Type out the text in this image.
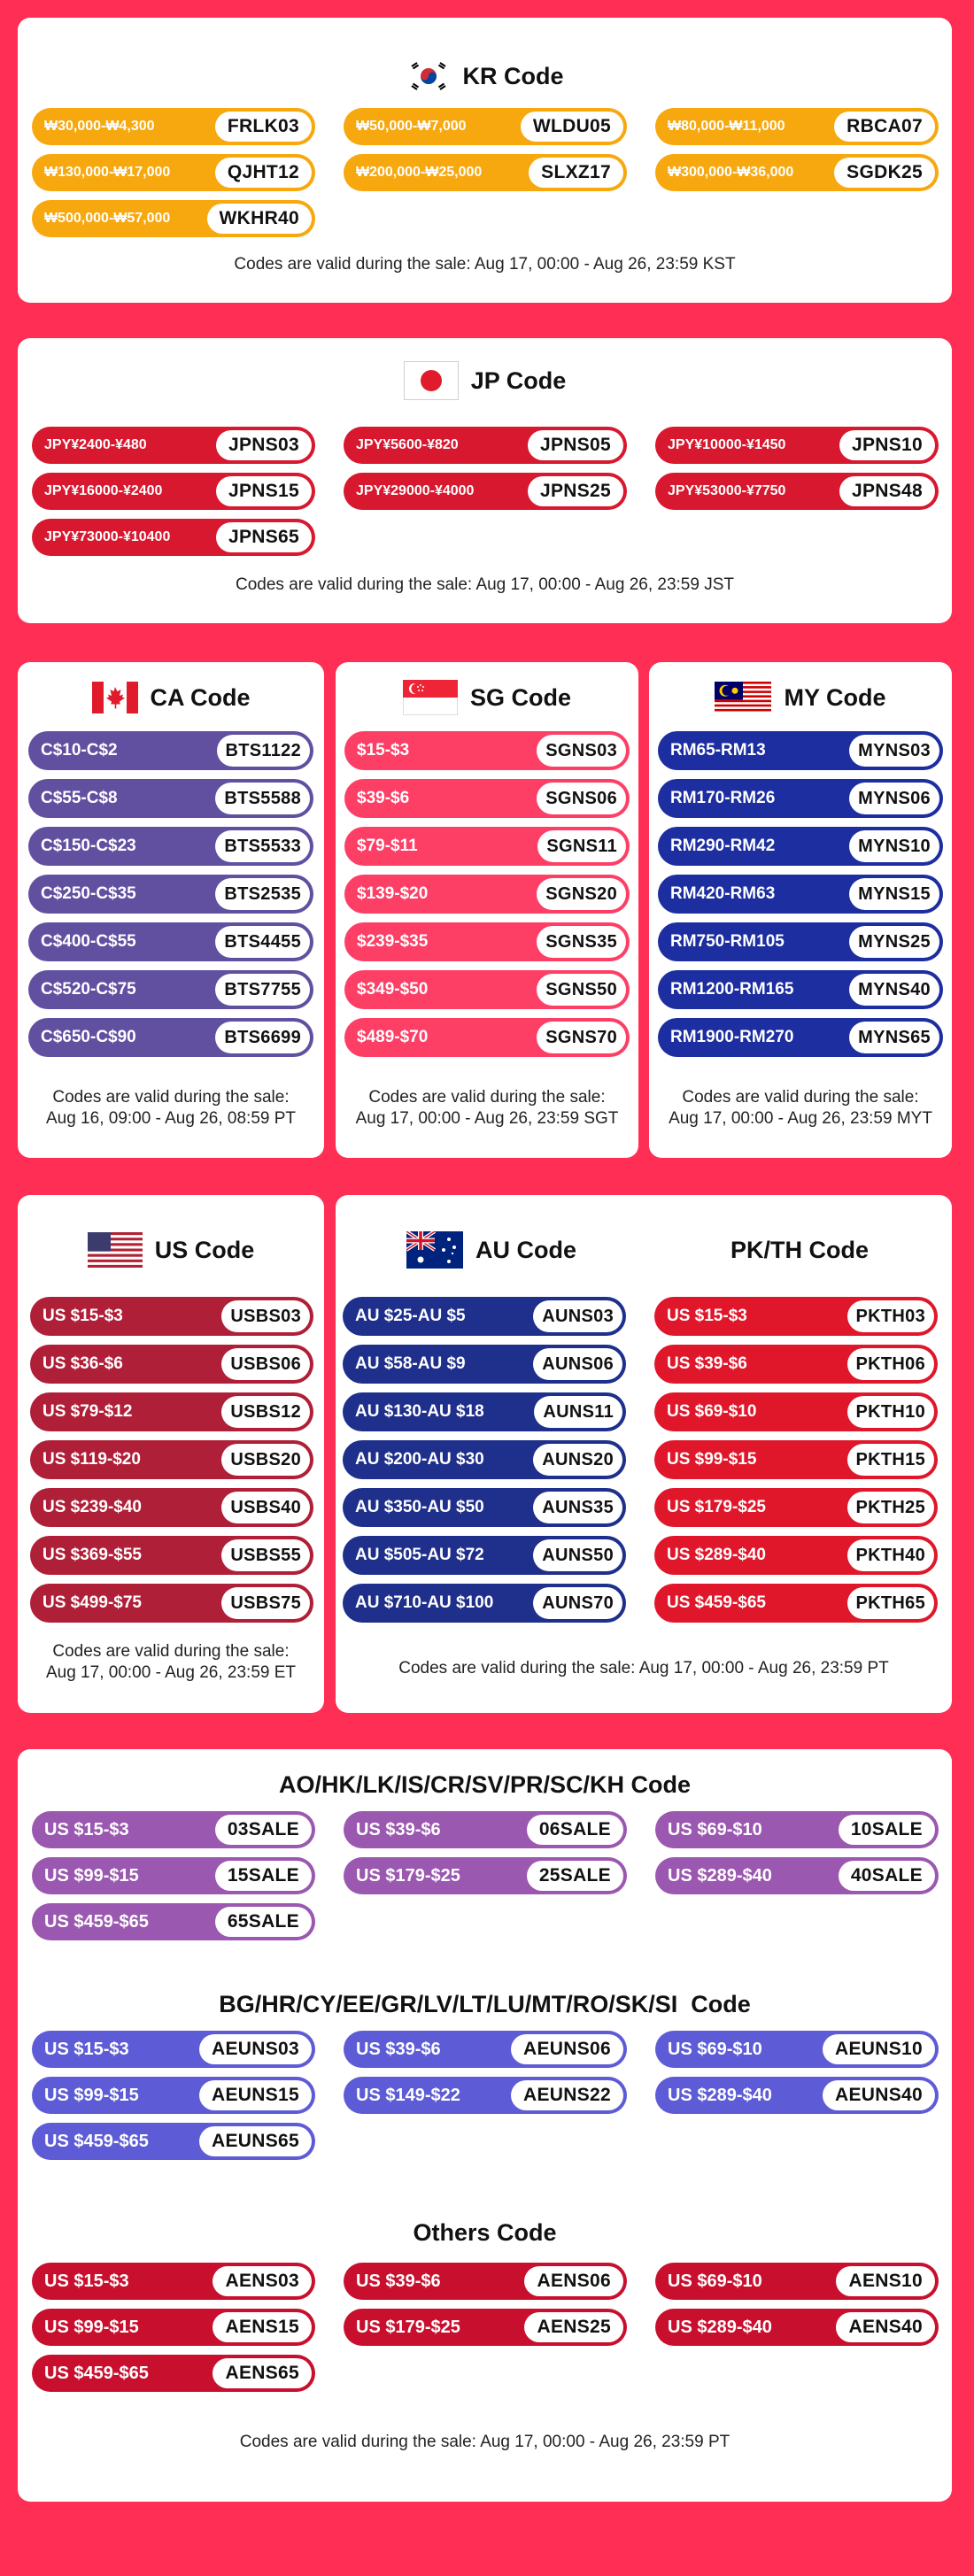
KR Code
₩30,000-₩4,300	FRLK03	₩50,000-₩7,000	WLDU05	₩80,000-₩11,000	RBCA07
₩130,000-₩17,000	QJHT12	₩200,000-₩25,000	SLXZ17	₩300,000-₩36,000	SGDK25
₩500,000-₩57,000	WKHR40
Codes are valid during the sale: Aug 17, 00:00 - Aug 26, 23:59 KST
JP Code
JPY¥2400-¥480	JPNS03	JPY¥5600-¥820	JPNS05	JPY¥10000-¥1450	JPNS10
JPY¥16000-¥2400	JPNS15	JPY¥29000-¥4000	JPNS25	JPY¥53000-¥7750	JPNS48
JPY¥73000-¥10400	JPNS65
Codes are valid during the sale: Aug 17, 00:00 - Aug 26, 23:59 JST
CA Code
C$10-C$2	BTS1122
C$55-C$8	BTS5588
C$150-C$23	BTS5533
C$250-C$35	BTS2535
C$400-C$55	BTS4455
C$520-C$75	BTS7755
C$650-C$90	BTS6699
Codes are valid during the sale:
Aug 16, 09:00 - Aug 26, 08:59 PT
SG Code
$15-$3	SGNS03
$39-$6	SGNS06
$79-$11	SGNS11
$139-$20	SGNS20
$239-$35	SGNS35
$349-$50	SGNS50
$489-$70	SGNS70
Codes are valid during the sale:
Aug 17, 00:00 - Aug 26, 23:59 SGT
MY Code
RM65-RM13	MYNS03
RM170-RM26	MYNS06
RM290-RM42	MYNS10
RM420-RM63	MYNS15
RM750-RM105	MYNS25
RM1200-RM165	MYNS40
RM1900-RM270	MYNS65
Codes are valid during the sale:
Aug 17, 00:00 - Aug 26, 23:59 MYT
US Code
US $15-$3	USBS03
US $36-$6	USBS06
US $79-$12	USBS12
US $119-$20	USBS20
US $239-$40	USBS40
US $369-$55	USBS55
US $499-$75	USBS75
Codes are valid during the sale:
Aug 17, 00:00 - Aug 26, 23:59 ET
AU Code	PK/TH Code
AU $25-AU $5	AUNS03
AU $58-AU $9	AUNS06
AU $130-AU $18	AUNS11
AU $200-AU $30	AUNS20
AU $350-AU $50	AUNS35
AU $505-AU $72	AUNS50
AU $710-AU $100	AUNS70
US $15-$3	PKTH03
US $39-$6	PKTH06
US $69-$10	PKTH10
US $99-$15	PKTH15
US $179-$25	PKTH25
US $289-$40	PKTH40
US $459-$65	PKTH65
Codes are valid during the sale: Aug 17, 00:00 - Aug 26, 23:59 PT
AO/HK/LK/IS/CR/SV/PR/SC/KH Code
US $15-$3	03SALE	US $39-$6	06SALE	US $69-$10	10SALE
US $99-$15	15SALE	US $179-$25	25SALE	US $289-$40	40SALE
US $459-$65	65SALE
BG/HR/CY/EE/GR/LV/LT/LU/MT/RO/SK/SI  Code
US $15-$3	AEUNS03	US $39-$6	AEUNS06	US $69-$10	AEUNS10
US $99-$15	AEUNS15	US $149-$22	AEUNS22	US $289-$40	AEUNS40
US $459-$65	AEUNS65
Others Code
US $15-$3	AENS03	US $39-$6	AENS06	US $69-$10	AENS10
US $99-$15	AENS15	US $179-$25	AENS25	US $289-$40	AENS40
US $459-$65	AENS65
Codes are valid during the sale: Aug 17, 00:00 - Aug 26, 23:59 PT
